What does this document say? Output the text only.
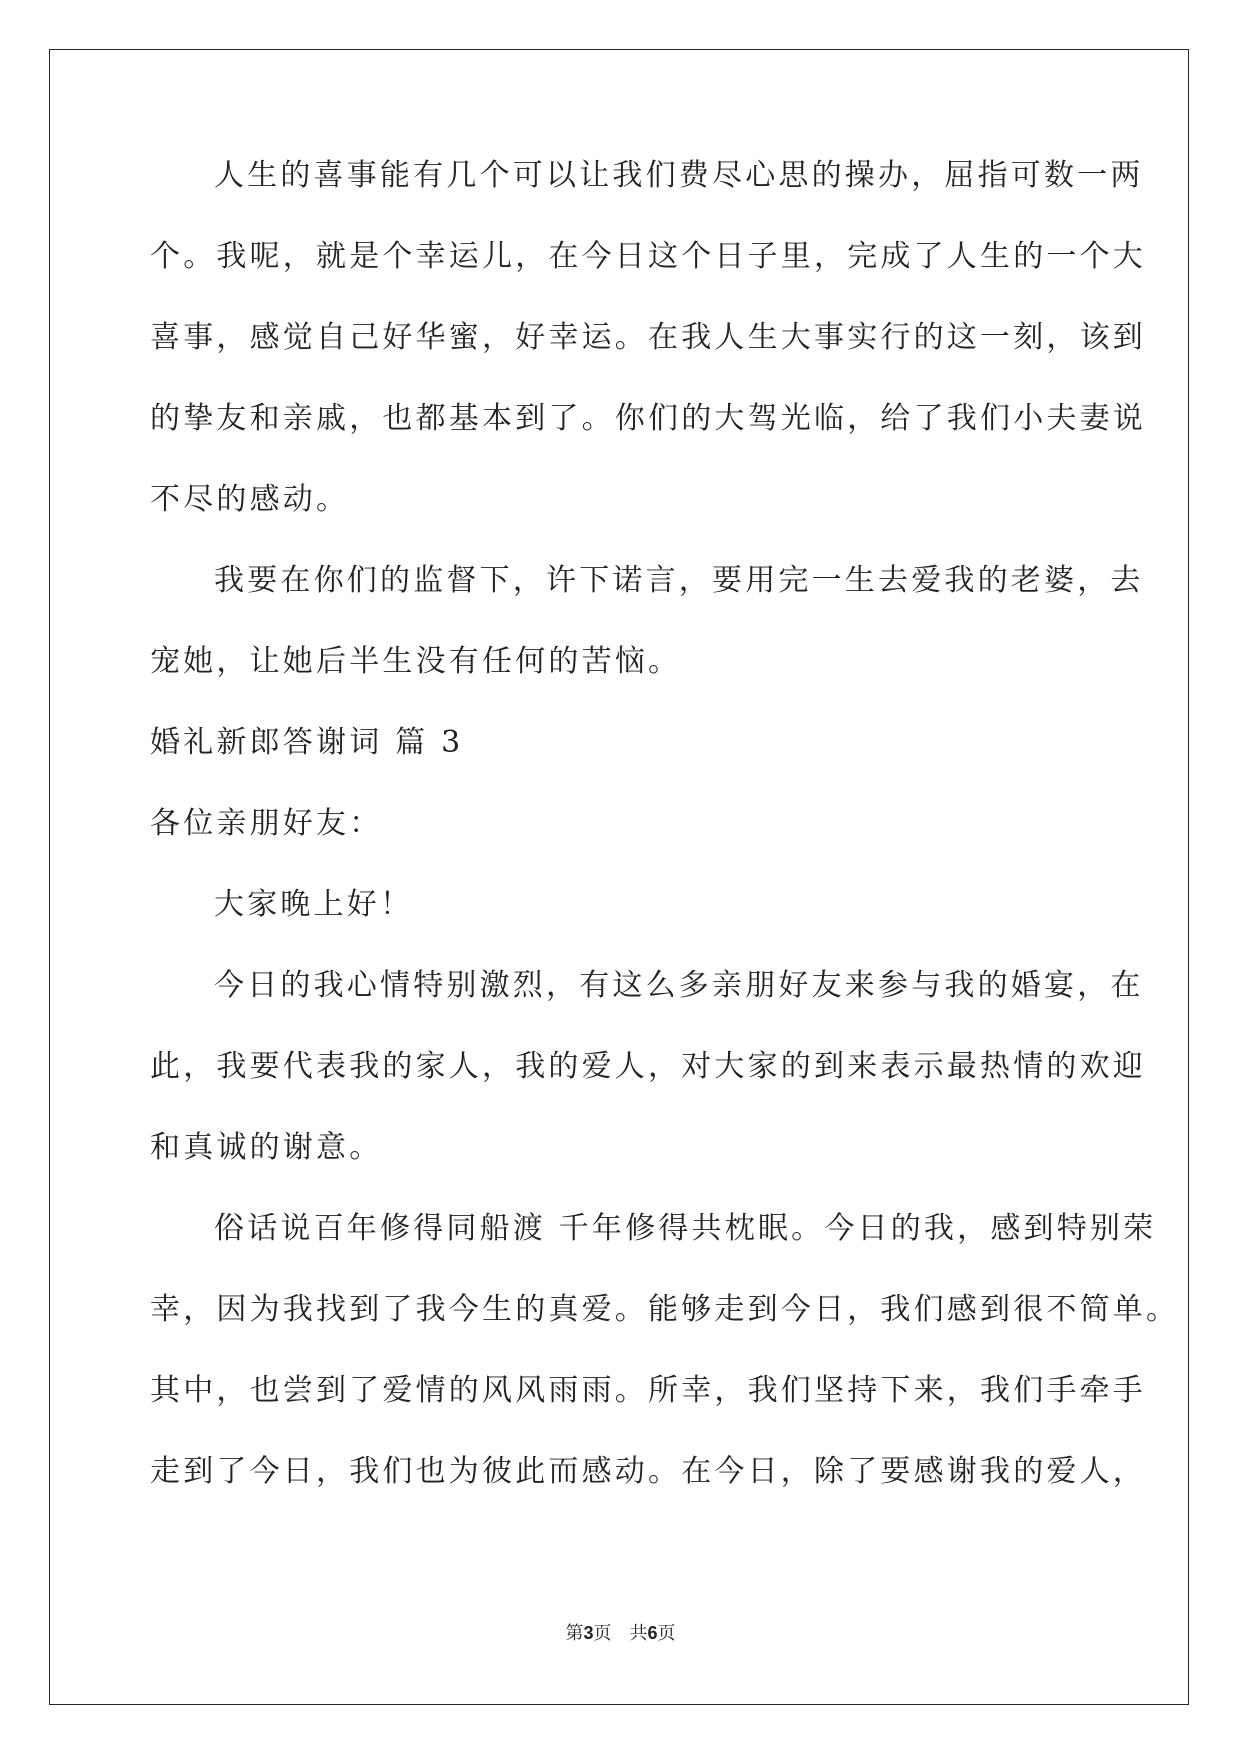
人生的喜事能有几个可以让我们费尽心思的操办，屈指可数一两
个。我呢，就是个幸运儿，在今日这个日子里，完成了人生的一个大
喜事，感觉自己好华蜜，好幸运。在我人生大事实行的这一刻，该到
的挚友和亲戚，也都基本到了。你们的大驾光临，给了我们小夫妻说
不尽的感动。
我要在你们的监督下，许下诺言，要用完一生去爱我的老婆，去
宠她，让她后半生没有任何的苦恼。
婚礼新郎答谢词 篇 3
各位亲朋好友：
大家晚上好！
今日的我心情特别激烈，有这么多亲朋好友来参与我的婚宴，在
此，我要代表我的家人，我的爱人，对大家的到来表示最热情的欢迎
和真诚的谢意。
俗话说百年修得同船渡 千年修得共枕眠。今日的我，感到特别荣
幸，因为我找到了我今生的真爱。能够走到今日，我们感到很不简单。
其中，也尝到了爱情的风风雨雨。所幸，我们坚持下来，我们手牵手
走到了今日，我们也为彼此而感动。在今日，除了要感谢我的爱人，
第3页　共6页
